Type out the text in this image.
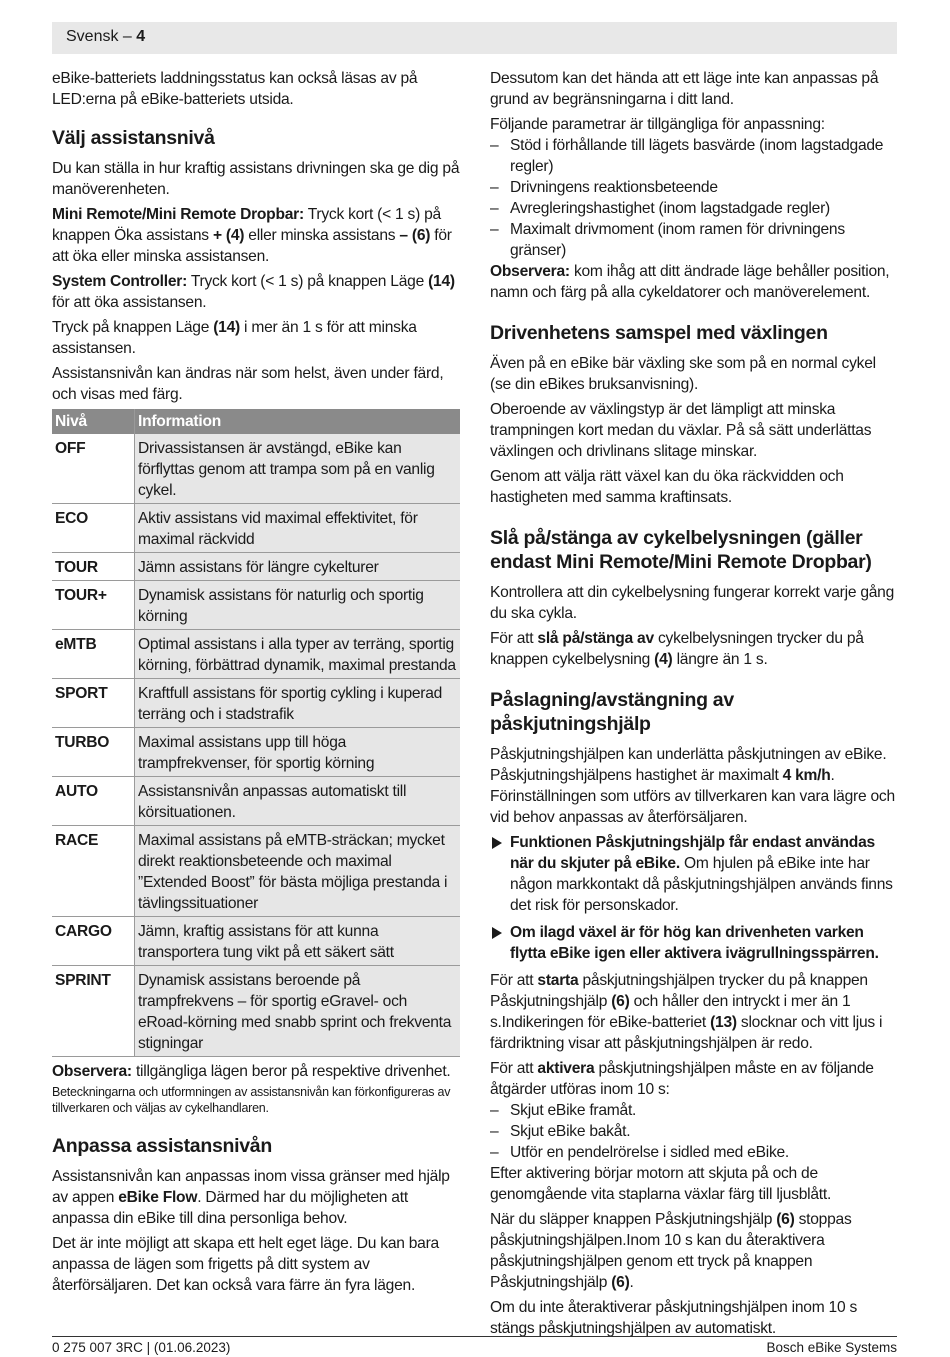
Svensk – 4

eBike-batteriets laddningsstatus kan också läsas av på LED:erna på eBike-batteriets utsida.

Välj assistansnivå

Du kan ställa in hur kraftig assistans drivningen ska ge dig på manöverenheten.

Mini Remote/Mini Remote Dropbar: Tryck kort (< 1 s) på knappen Öka assistans + (4) eller minska assistans – (6) för att öka eller minska assistansen.

System Controller: Tryck kort (< 1 s) på knappen Läge (14) för att öka assistansen.

Tryck på knappen Läge (14) i mer än 1 s för att minska assistansen.

Assistansnivån kan ändras när som helst, även under färd, och visas med färg.

Nivå	Information
OFF	Drivassistansen är avstängd, eBike kan förflyttas genom att trampa som på en vanlig cykel.
ECO	Aktiv assistans vid maximal effektivitet, för maximal räckvidd
TOUR	Jämn assistans för längre cykelturer
TOUR+	Dynamisk assistans för naturlig och sportig körning
eMTB	Optimal assistans i alla typer av terräng, sportig körning, förbättrad dynamik, maximal prestanda
SPORT	Kraftfull assistans för sportig cykling i kuperad terräng och i stadstrafik
TURBO	Maximal assistans upp till höga trampfrekvenser, för sportig körning
AUTO	Assistansnivån anpassas automatiskt till körsituationen.
RACE	Maximal assistans på eMTB-sträckan; mycket direkt reaktionsbeteende och maximal ”Extended Boost” för bästa möjliga prestanda i tävlingssituationer
CARGO	Jämn, kraftig assistans för att kunna transportera tung vikt på ett säkert sätt
SPRINT	Dynamisk assistans beroende på trampfrekvens – för sportig eGravel- och eRoad-körning med snabb sprint och frekventa stigningar

Observera: tillgängliga lägen beror på respektive drivenhet.

Beteckningarna och utformningen av assistansnivån kan förkonfigureras av tillverkaren och väljas av cykelhandlaren.

Anpassa assistansnivån

Assistansnivån kan anpassas inom vissa gränser med hjälp av appen eBike Flow. Därmed har du möjligheten att anpassa din eBike till dina personliga behov.

Det är inte möjligt att skapa ett helt eget läge. Du kan bara anpassa de lägen som frigetts på ditt system av återförsäljaren. Det kan också vara färre än fyra lägen.

Dessutom kan det hända att ett läge inte kan anpassas på grund av begränsningarna i ditt land.

Följande parametrar är tillgängliga för anpassning:

– Stöd i förhållande till lägets basvärde (inom lagstadgade regler)
– Drivningens reaktionsbeteende
– Avregleringshastighet (inom lagstadgade regler)
– Maximalt drivmoment (inom ramen för drivningens gränser)

Observera: kom ihåg att ditt ändrade läge behåller position, namn och färg på alla cykeldatorer och manöverelement.

Drivenhetens samspel med växlingen

Även på en eBike bär växling ske som på en normal cykel (se din eBikes bruksanvisning).

Oberoende av växlingstyp är det lämpligt att minska trampningen kort medan du växlar. På så sätt underlättas växlingen och drivlinans slitage minskar.

Genom att välja rätt växel kan du öka räckvidden och hastigheten med samma kraftinsats.

Slå på/stänga av cykelbelysningen (gäller endast Mini Remote/Mini Remote Dropbar)

Kontrollera att din cykelbelysning fungerar korrekt varje gång du ska cykla.

För att slå på/stänga av cykelbelysningen trycker du på knappen cykelbelysning (4) längre än 1 s.

Påslagning/avstängning av påskjutningshjälp

Påskjutningshjälpen kan underlätta påskjutningen av eBike. Påskjutningshjälpens hastighet är maximalt 4 km/h. Förinställningen som utförs av tillverkaren kan vara lägre och vid behov anpassas av återförsäljaren.

Funktionen Påskjutningshjälp får endast användas när du skjuter på eBike. Om hjulen på eBike inte har någon markkontakt då påskjutningshjälpen används finns det risk för personskador.
Om ilagd växel är för hög kan drivenheten varken flytta eBike igen eller aktivera ivägrullningsspärren.

För att starta påskjutningshjälpen trycker du på knappen Påskjutningshjälp (6) och håller den intryckt i mer än 1 s.Indikeringen för eBike-batteriet (13) slocknar och vitt ljus i färdriktning visar att påskjutningshjälpen är redo.

För att aktivera påskjutningshjälpen måste en av följande åtgärder utföras inom 10 s:

– Skjut eBike framåt.
– Skjut eBike bakåt.
– Utför en pendelrörelse i sidled med eBike.

Efter aktivering börjar motorn att skjuta på och de genomgående vita staplarna växlar färg till ljusblått.

När du släpper knappen Påskjutningshjälp (6) stoppas påskjutningshjälpen.Inom 10 s kan du återaktivera påskjutningshjälpen genom ett tryck på knappen Påskjutningshjälp (6).

Om du inte återaktiverar påskjutningshjälpen inom 10 s stängs påskjutningshjälpen av automatiskt.

0 275 007 3RC | (01.06.2023)	Bosch eBike Systems
